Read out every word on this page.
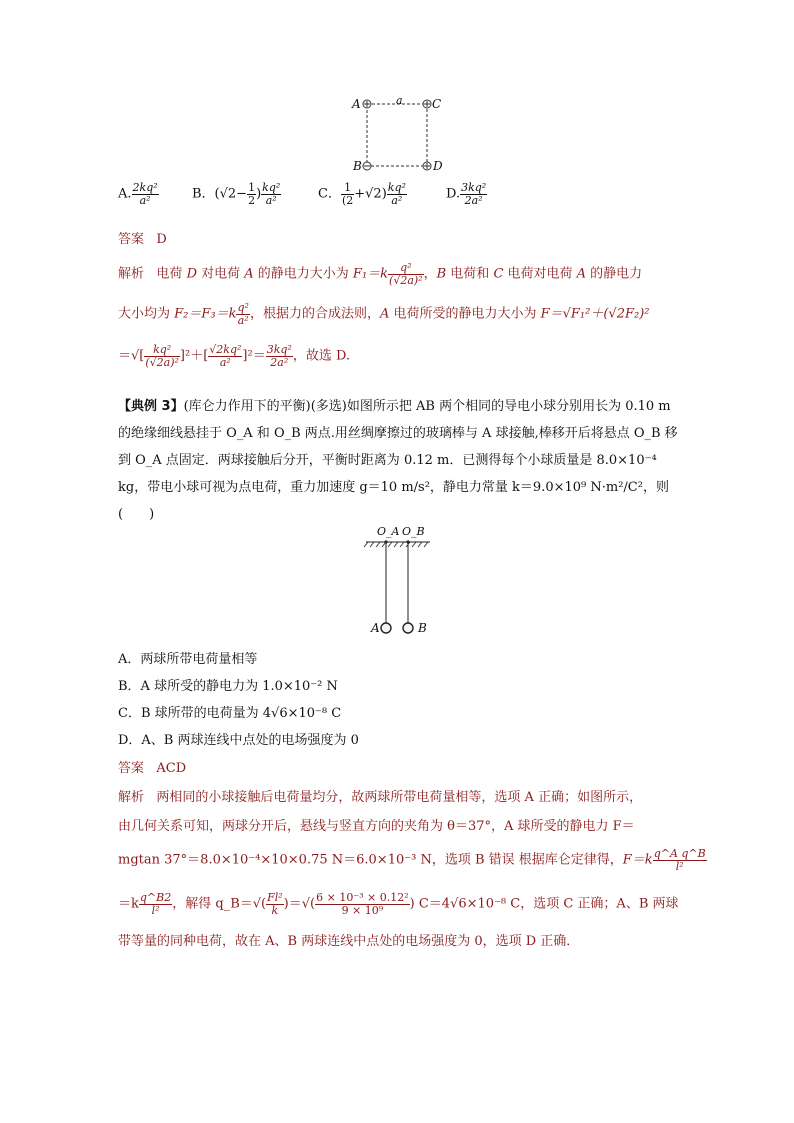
A	a C
B	D
A. $\frac{\text{2kq²}}{\text{a²}}$	B．($√2- \frac{1}{2}$ ) $\frac{\text{kq²}}{\text{a²}}$	C． $\frac{1}{(2} +√2) \frac{\text{kq²}}{\text{a²}}$	D. $\frac{\text{3kq²}}{\text{2a²}}$
答案 D
解析 电荷 D 对电荷 A 的静电力大小为 $F_1=k \frac{\text{q²}}{\text{(√2a)²}}$ ，B 电荷和 C 电荷对电荷 A 的静电力
大小均为 $F_2=F_3=k \frac{\text{q²}}{\text{a²}}$ ，根据力的合成法则，A 电荷所受的静电力大小为 F＝√F₁²＋(√2F₂)²
＝√[ $\frac{\text{kq²}}{\text{(√2a)²}} ]^2+[ \frac{\text{√2kq²}}{\text{a²}} ]^2= \frac{\text{3kq²}}{\text{2a²}}$ ，故选 D.
【典例 3】(库仑力作用下的平衡)(多选)如图所示把 AB 两个相同的导电小球分别用长为 0.10 m
的绝缘细线悬挂于 O_A 和 O_B 两点.用丝绸摩擦过的玻璃棒与 A 球接触,棒移开后将悬点 O_B 移
到 O_A 点固定．两球接触后分开，平衡时距离为 0.12 m．已测得每个小球质量是 8.0×10⁻⁴
kg，带电小球可视为点电荷，重力加速度 g＝10 m/s²，静电力常量 k＝9.0×10⁹ N·m²/C²，则
(　　)
O_A O_B
A	B
A．两球所带电荷量相等
B．A 球所受的静电力为 1.0×10⁻² N
C．B 球所带的电荷量为 4√6×10⁻⁸ C
D．A、B 两球连线中点处的电场强度为 0
答案 ACD
解析 两相同的小球接触后电荷量均分，故两球所带电荷量相等，选项 A 正确；如图所示，
由几何关系可知，两球分开后，悬线与竖直方向的夹角为 θ＝37°，A 球所受的静电力 F＝
mgtan 37°＝8.0×10⁻⁴×10×0.75 N＝6.0×10⁻³ N，选项 B 错误 根据库仑定律得，$F=k \frac{\text{q\textasciicircum{}A q\textasciicircum{}B}}{\text{l²}}$
$=k \frac{q\^{}B2}{\text{l²}}$ ，解得 q_B＝√( $\frac{\text{Fl²}}{k}$ )＝√( $\frac{\text{6 × 10⁻³ × 0.12²}}{\text{9 × 10⁹}}$ ) C＝4√6×10⁻⁸ C，选项 C 正确；A、B 两球
带等量的同种电荷，故在 A、B 两球连线中点处的电场强度为 0，选项 D 正确．
